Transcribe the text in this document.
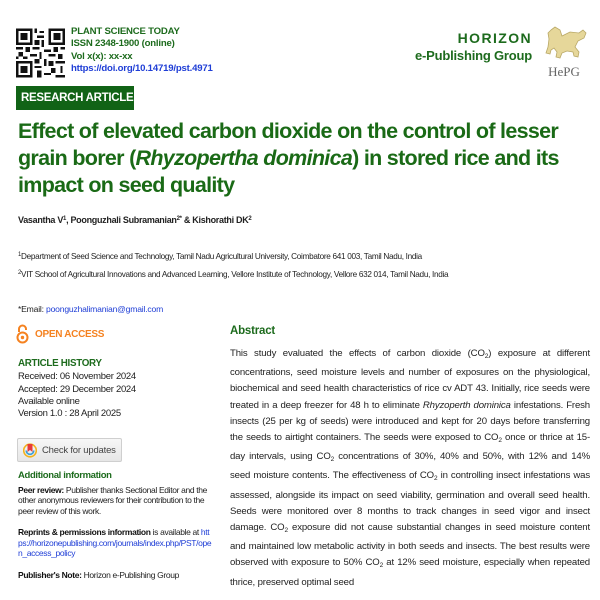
PLANT SCIENCE TODAY
ISSN 2348-1900 (online)
Vol x(x): xx-xx
https://doi.org/10.14719/pst.4971
HORIZON
e-Publishing Group
HePG
RESEARCH ARTICLE
Effect of elevated carbon dioxide on the control of lesser grain borer (Rhyzopertha dominica) in stored rice and its impact on seed quality
Vasantha $V^1$, Poonguzhali Subramanian$^{2*}$ & Kishorathi $DK^2$
$^1$Department of Seed Science and Technology, Tamil Nadu Agricultural University, Coimbatore 641 003, Tamil Nadu, India
$^2$VIT School of Agricultural Innovations and Advanced Learning, Vellore Institute of Technology, Vellore 632 014, Tamil Nadu, India
*Email: poonguzhalimanian@gmail.com
OPEN ACCESS
ARTICLE HISTORY
Received: 06 November 2024
Accepted: 29 December 2024
Available online
Version 1.0 : 28 April 2025
Check for updates
Additional information

Peer review: Publisher thanks Sectional Editor and the other anonymous reviewers for their contribution to the peer review of this work.

Reprints & permissions information is available at https://horizonepublishing.com/journals/index.php/PST/open_access_policy

Publisher's Note: Horizon e-Publishing Group

Abstract
This study evaluated the effects of carbon dioxide $(CO_2)$ exposure at different concentrations, seed moisture levels and number of exposures on the physiological, biochemical and seed health characteristics of rice cv ADT 43. Initially, rice seeds were treated in a deep freezer for 48 h to eliminate Rhyzoperth dominica infestations. Fresh insects (25 per kg of seeds) were introduced and kept for 20 days before transferring the seeds to airtight containers. The seeds were exposed to $CO_2$ once or thrice at 15-day intervals, using $CO_2$ concentrations of 30%, 40% and 50%, with 12% and 14% seed moisture contents. The effectiveness of $CO_2$ in controlling insect infestations was assessed, alongside its impact on seed viability, germination and overall seed health. Seeds were monitored over 8 months to track changes in seed vigor and insect damage. $CO_2$ exposure did not cause substantial changes in seed moisture content and maintained low metabolic activity in both seeds and insects. The best results were observed with exposure to 50% $CO_2$ at 12% seed moisture, especially when repeated thrice, preserved optimal seed
